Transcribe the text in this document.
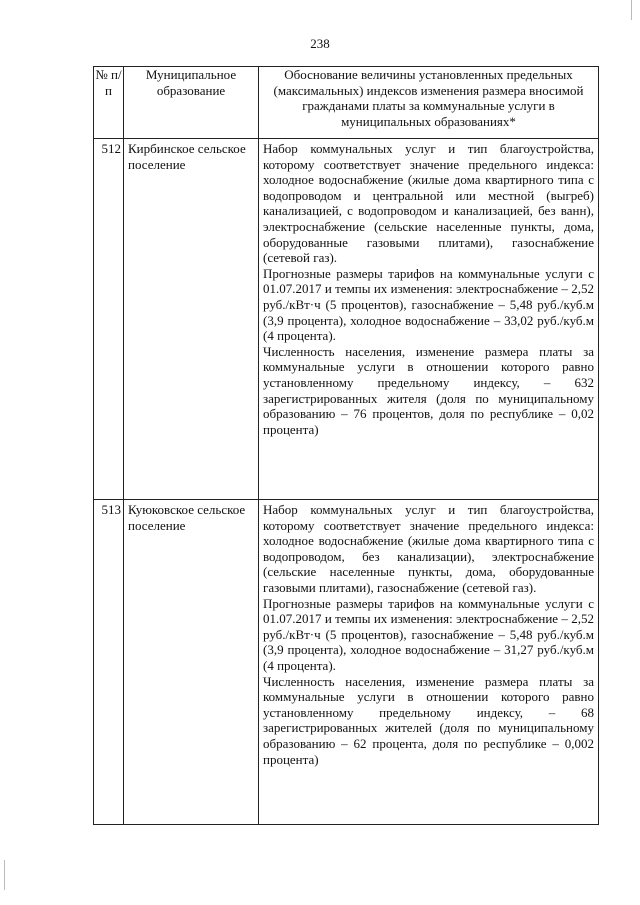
238
№ п/п	Муниципальное образование	Обоснование величины установленных предельных (максимальных) индексов изменения размера вносимой гражданами платы за коммунальные услуги в муниципальных образованиях*
512	Кирбинское сельское поселение	Набор коммунальных услуг и тип благоустройства, которому соответствует значение предельного индекса: холодное водоснабжение (жилые дома квартирного типа с водопроводом и центральной или местной (выгреб) канализацией, с водопроводом и канализацией, без ванн), электроснабжение (сельские населенные пункты, дома, оборудованные газовыми плитами), газоснабжение (сетевой газ).

Прогнозные размеры тарифов на коммунальные услуги с 01.07.2017 и темпы их изменения: электроснабжение – 2,52 руб./кВт·ч (5 процентов), газоснабжение – 5,48 руб./куб.м (3,9 процента), холодное водоснабжение – 33,02 руб./куб.м (4 процента).

Численность населения, изменение размера платы за коммунальные услуги в отношении которого равно установленному предельному индексу, – 632 зарегистрированных жителя (доля по муниципальному образованию – 76 процентов, доля по республике – 0,02 процента)

513	Куюковское сельское поселение	Набор коммунальных услуг и тип благоустройства, которому соответствует значение предельного индекса: холодное водоснабжение (жилые дома квартирного типа с водопроводом, без канализации), электроснабжение (сельские населенные пункты, дома, оборудованные газовыми плитами), газоснабжение (сетевой газ).

Прогнозные размеры тарифов на коммунальные услуги с 01.07.2017 и темпы их изменения: электроснабжение – 2,52 руб./кВт·ч (5 процентов), газоснабжение – 5,48 руб./куб.м (3,9 процента), холодное водоснабжение – 31,27 руб./куб.м (4 процента).

Численность населения, изменение размера платы за коммунальные услуги в отношении которого равно установленному предельному индексу, – 68 зарегистрированных жителей (доля по муниципальному образованию – 62 процента, доля по республике – 0,002 процента)
